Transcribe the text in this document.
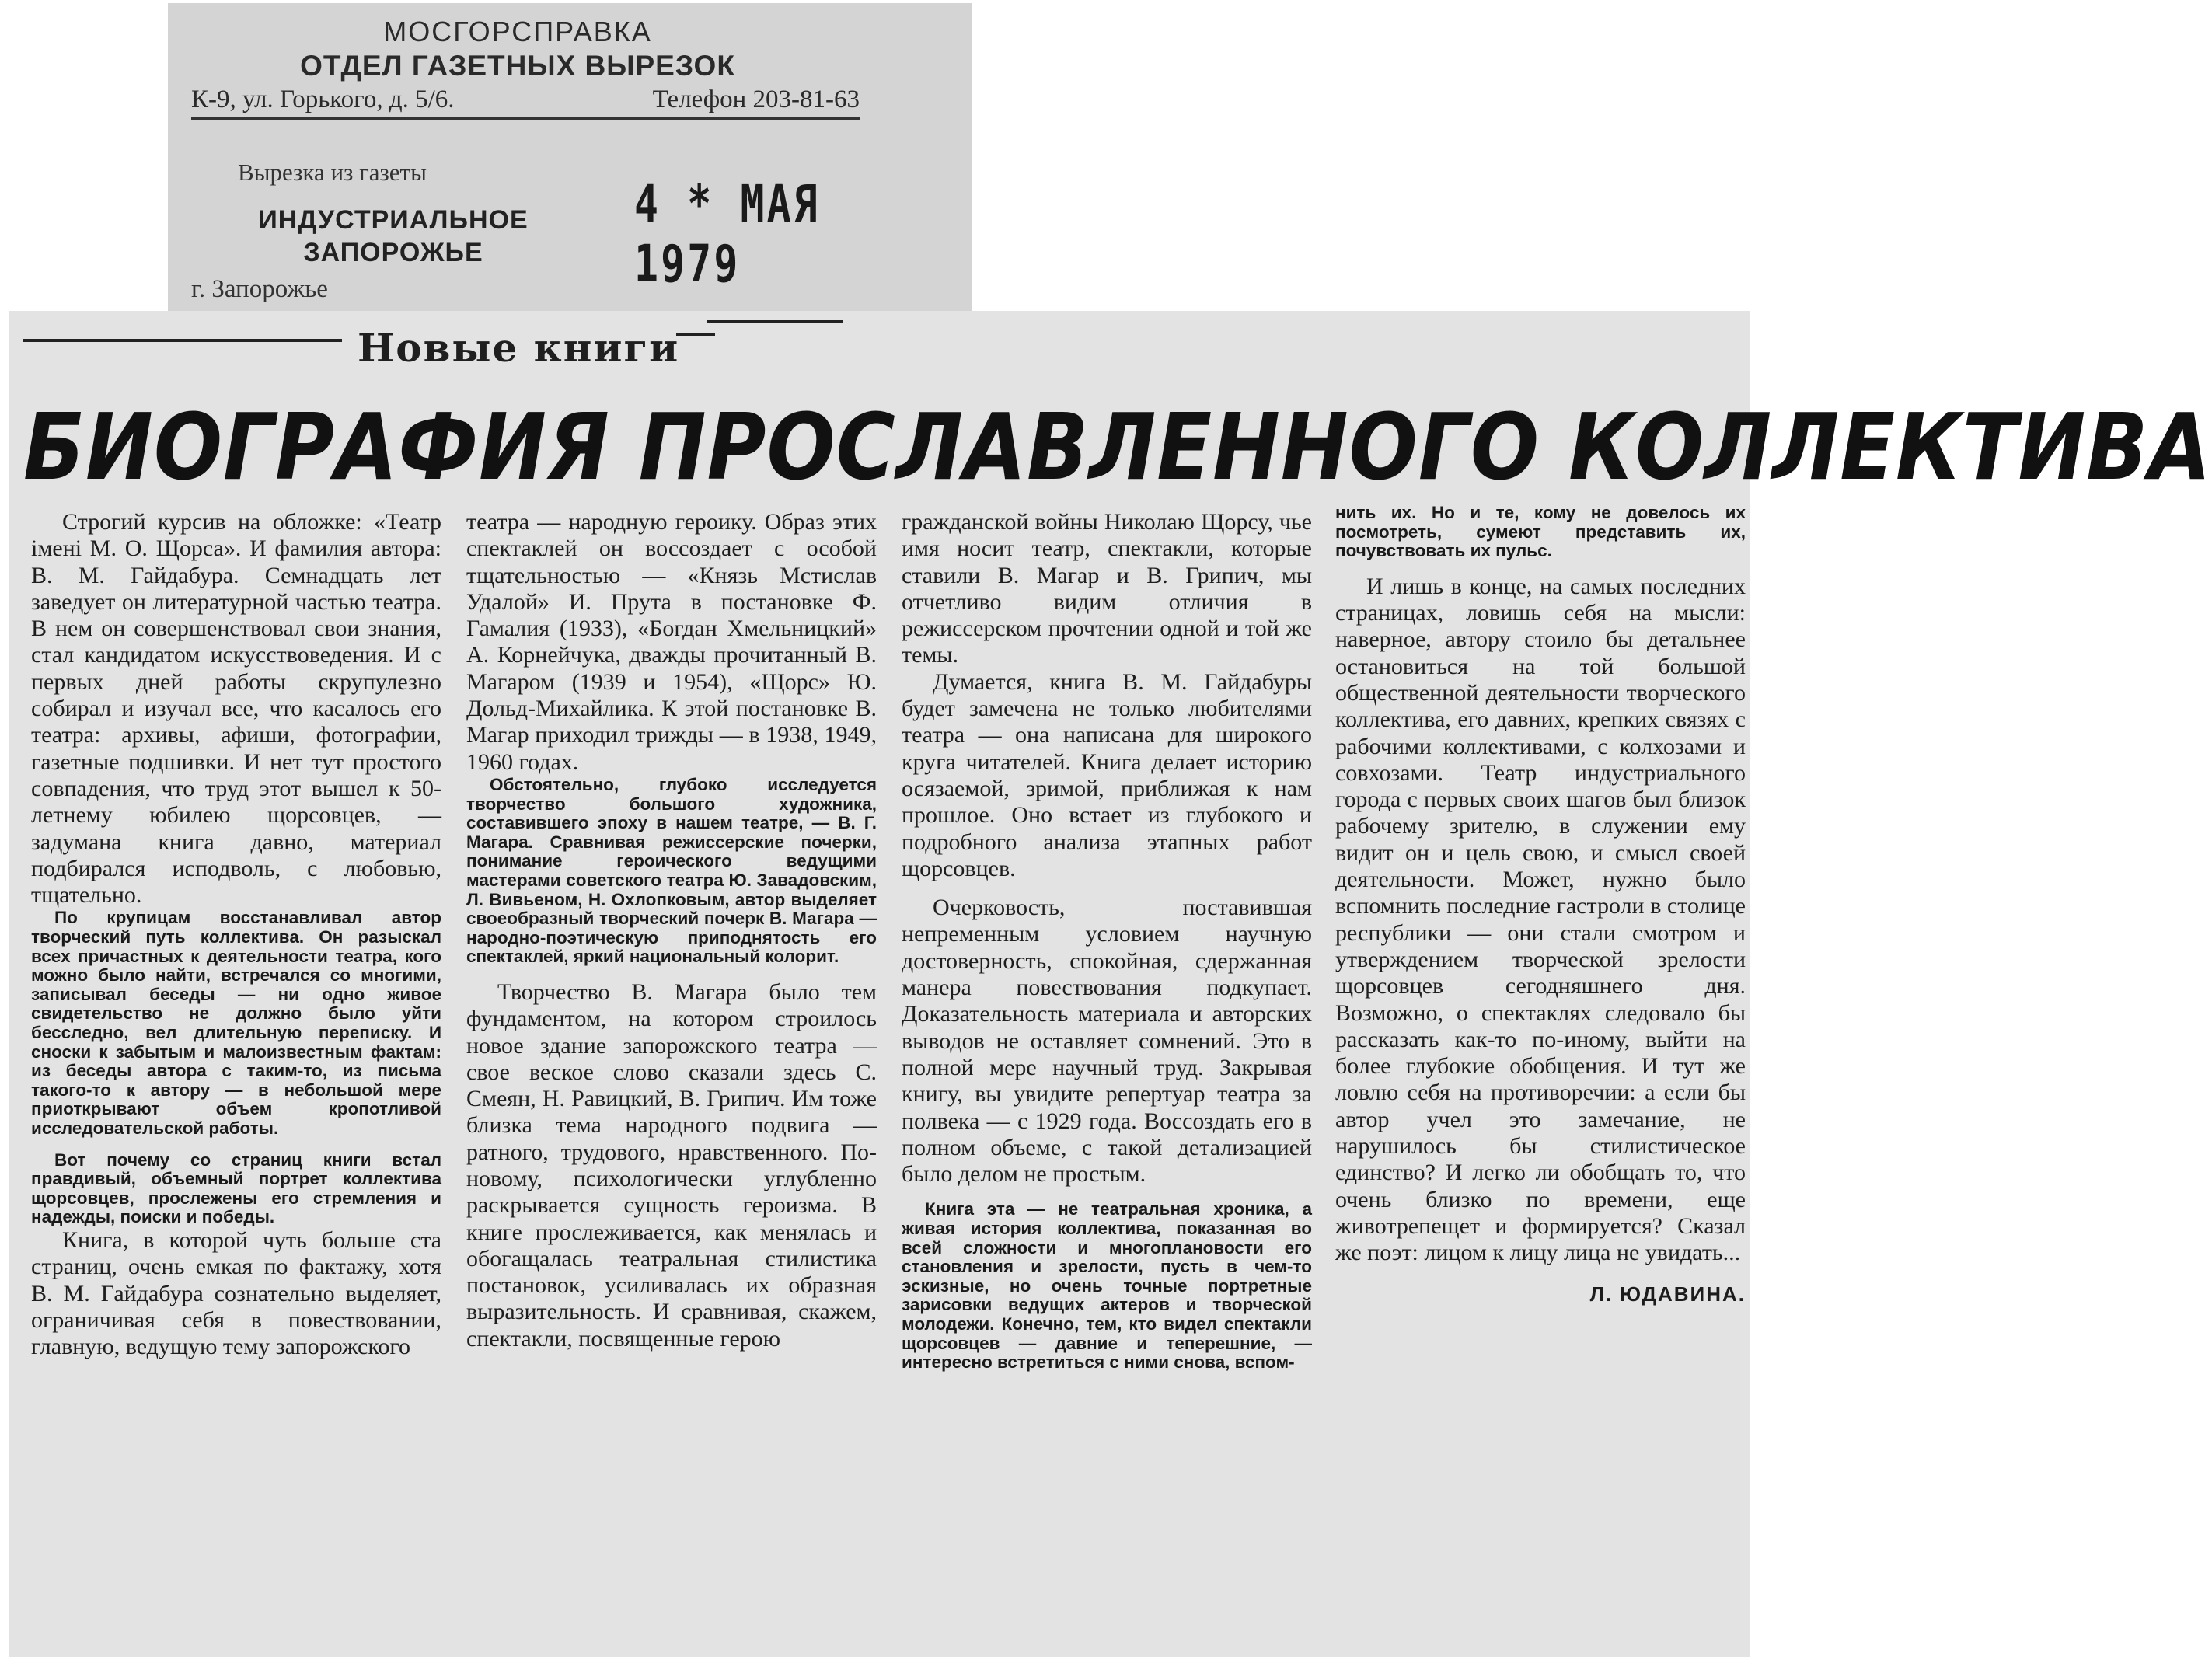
МОСГОРСПРАВКА
ОТДЕЛ ГАЗЕТНЫХ ВЫРЕЗОК
К-9, ул. Горького, д. 5/6.	Телефон 203-81-63
Вырезка из газеты
ИНДУСТРИАЛЬНОЕ
ЗАПОРОЖЬЕ
4 * МАЯ 1979
г. Запорожье
Новые книги
БИОГРАФИЯ ПРОСЛАВЛЕННОГО КОЛЛЕКТИВА

Строгий курсив на обложке: «Театр імені М. О. Щорса». И фамилия автора: В. М. Гайдабура. Семнадцать лет заведует он литературной частью театра. В нем он совершенствовал свои знания, стал кандидатом искусствоведения. И с первых дней работы скрупулезно собирал и изучал все, что касалось его театра: архивы, афиши, фотографии, газетные подшивки. И нет тут простого совпадения, что труд этот вышел к 50-летнему юбилею щорсовцев, — задумана книга давно, материал подбирался исподволь, с любовью, тщательно.

По крупицам восстанавливал автор творческий путь коллектива. Он разыскал всех причастных к деятельности театра, кого можно было найти, встречался со многими, записывал беседы — ни одно живое свидетельство не должно было уйти бесследно, вел длительную переписку. И сноски к забытым и малоизвестным фактам: из беседы автора с таким-то, из письма такого-то к автору — в небольшой мере приоткрывают объем кропотливой исследовательской работы.

Вот почему со страниц книги встал правдивый, объемный портрет коллектива щорсовцев, прослежены его стремления и надежды, поиски и победы.

Книга, в которой чуть больше ста страниц, очень емкая по фактажу, хотя В. М. Гайдабура сознательно выделяет, ограничивая себя в повествовании, главную, ведущую тему запорожского

театра — народную героику. Образ этих спектаклей он воссоздает с особой тщательностью — «Князь Мстислав Удалой» И. Прута в постановке Ф. Гамалия (1933), «Богдан Хмельницкий» А. Корнейчука, дважды прочитанный В. Магаром (1939 и 1954), «Щорс» Ю. Дольд-Михайлика. К этой постановке В. Магар приходил трижды — в 1938, 1949, 1960 годах.

Обстоятельно, глубоко исследуется творчество большого художника, составившего эпоху в нашем театре, — В. Г. Магара. Сравнивая режиссерские почерки, понимание героического ведущими мастерами советского театра Ю. Завадовским, Л. Вивьеном, Н. Охлопковым, автор выделяет своеобразный творческий почерк В. Магара — народно-поэтическую приподнятость его спектаклей, яркий национальный колорит.

Творчество В. Магара было тем фундаментом, на котором строилось новое здание запорожского театра — свое веское слово сказали здесь С. Смеян, Н. Равицкий, В. Грипич. Им тоже близка тема народного подвига — ратного, трудового, нравственного. По-новому, психологически углубленно раскрывается сущность героизма. В книге прослеживается, как менялась и обогащалась театральная стилистика постановок, усиливалась их образная выразительность. И сравнивая, скажем, спектакли, посвященные герою

гражданской войны Николаю Щорсу, чье имя носит театр, спектакли, которые ставили В. Магар и В. Грипич, мы отчетливо видим отличия в режиссерском прочтении одной и той же темы.

Думается, книга В. М. Гайдабуры будет замечена не только любителями театра — она написана для широкого круга читателей. Книга делает историю осязаемой, зримой, приближая к нам прошлое. Оно встает из глубокого и подробного анализа этапных работ щорсовцев.

Очерковость, поставившая непременным условием научную достоверность, спокойная, сдержанная манера повествования подкупает. Доказательность материала и авторских выводов не оставляет сомнений. Это в полной мере научный труд. Закрывая книгу, вы увидите репертуар театра за полвека — с 1929 года. Воссоздать его в полном объеме, с такой детализацией было делом не простым.

Книга эта — не театральная хроника, а живая история коллектива, показанная во всей сложности и многоплановости его становления и зрелости, пусть в чем-то эскизные, но очень точные портретные зарисовки ведущих актеров и творческой молодежи. Конечно, тем, кто видел спектакли щорсовцев — давние и теперешние, — интересно встретиться с ними снова, вспом-

нить их. Но и те, кому не довелось их посмотреть, сумеют представить их, почувствовать их пульс.

И лишь в конце, на самых последних страницах, ловишь себя на мысли: наверное, автору стоило бы детальнее остановиться на той большой общественной деятельности творческого коллектива, его давних, крепких связях с рабочими коллективами, с колхозами и совхозами. Театр индустриального города с первых своих шагов был близок рабочему зрителю, в служении ему видит он и цель свою, и смысл своей деятельности. Может, нужно было вспомнить последние гастроли в столице республики — они стали смотром и утверждением творческой зрелости щорсовцев сегодняшнего дня. Возможно, о спектаклях следовало бы рассказать как-то по-иному, выйти на более глубокие обобщения. И тут же ловлю себя на противоречии: а если бы автор учел это замечание, не нарушилось бы стилистическое единство? И легко ли обобщать то, что очень близко по времени, еще животрепещет и формируется? Сказал же поэт: лицом к лицу лица не увидать...

Л. ЮДАВИНА.
